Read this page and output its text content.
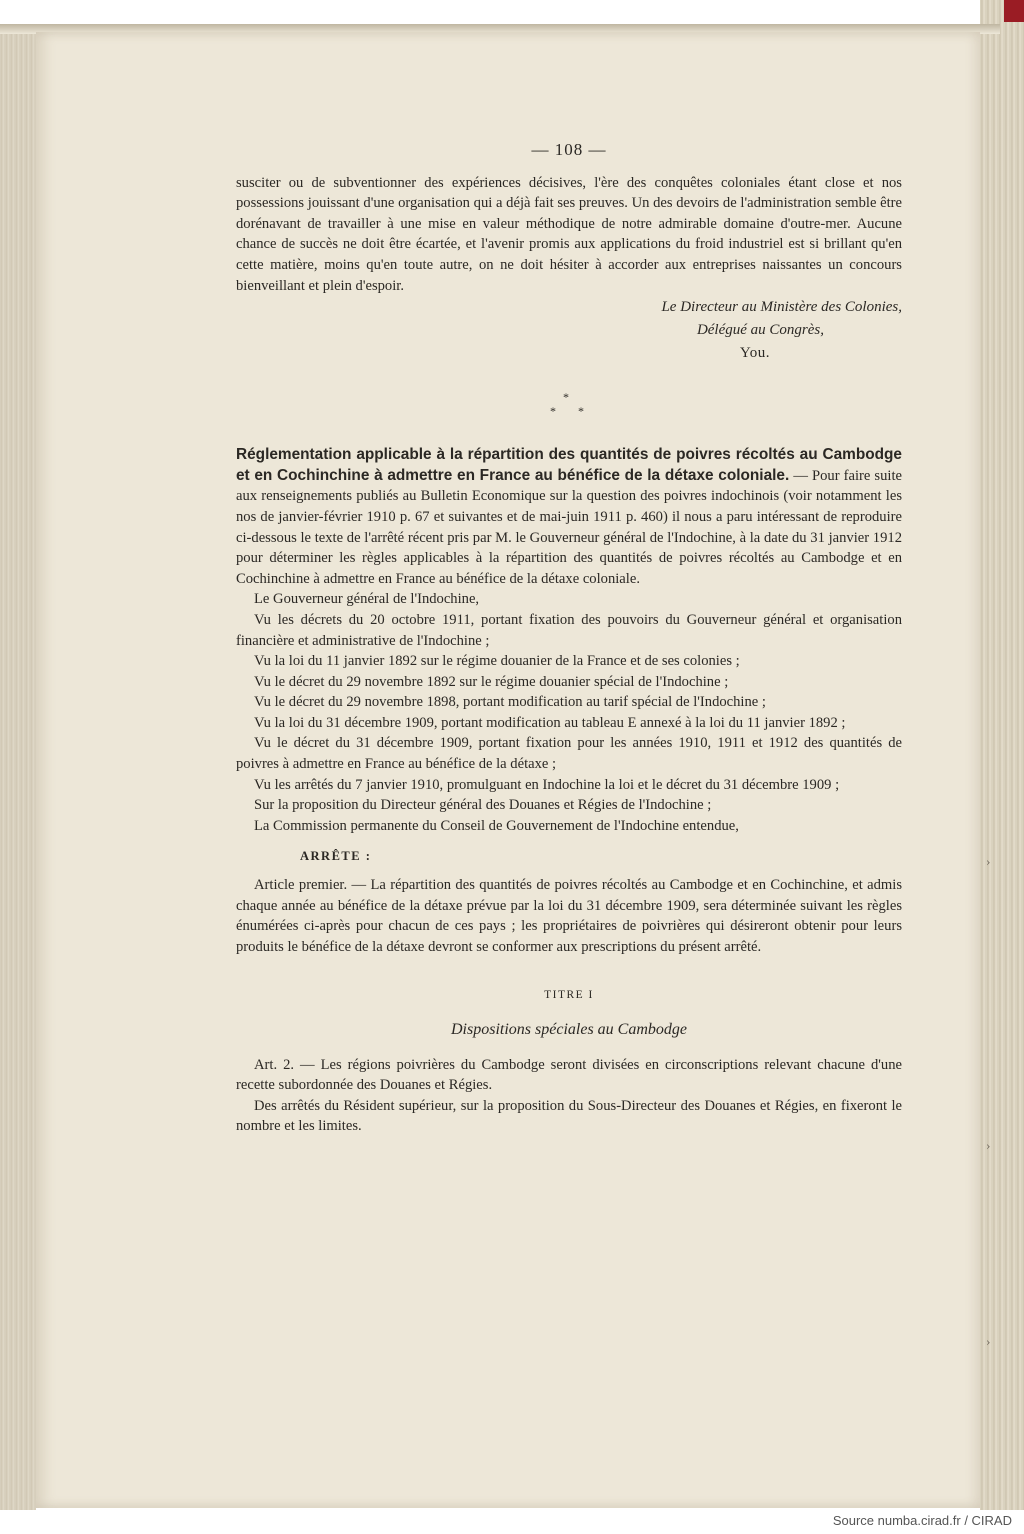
›
›
›
— 108 —

susciter ou de subventionner des expériences décisives, l'ère des conquêtes coloniales étant close et nos possessions jouissant d'une organisation qui a déjà fait ses preuves. Un des devoirs de l'administration semble être dorénavant de travailler à une mise en valeur méthodique de notre admirable domaine d'outre-mer. Aucune chance de succès ne doit être écartée, et l'avenir promis aux applications du froid industriel est si brillant qu'en cette matière, moins qu'en toute autre, on ne doit hésiter à accorder aux entreprises naissantes un concours bienveillant et plein d'espoir.

Le Directeur au Ministère des Colonies,
Délégué au Congrès,
You.
*
* *

Réglementation applicable à la répartition des quantités de poivres récoltés au Cambodge et en Cochinchine à admettre en France au bénéfice de la détaxe coloniale. — Pour faire suite aux renseignements publiés au Bulletin Economique sur la question des poivres indochinois (voir notamment les nos de janvier-février 1910 p. 67 et suivantes et de mai-juin 1911 p. 460) il nous a paru intéressant de reproduire ci-dessous le texte de l'arrêté récent pris par M. le Gouverneur général de l'Indochine, à la date du 31 janvier 1912 pour déterminer les règles applicables à la répartition des quantités de poivres récoltés au Cambodge et en Cochinchine à admettre en France au bénéfice de la détaxe coloniale.

Le Gouverneur général de l'Indochine,

Vu les décrets du 20 octobre 1911, portant fixation des pouvoirs du Gouverneur général et organisation financière et administrative de l'Indochine ;

Vu la loi du 11 janvier 1892 sur le régime douanier de la France et de ses colonies ;

Vu le décret du 29 novembre 1892 sur le régime douanier spécial de l'Indochine ;

Vu le décret du 29 novembre 1898, portant modification au tarif spécial de l'Indochine ;

Vu la loi du 31 décembre 1909, portant modification au tableau E annexé à la loi du 11 janvier 1892 ;

Vu le décret du 31 décembre 1909, portant fixation pour les années 1910, 1911 et 1912 des quantités de poivres à admettre en France au bénéfice de la détaxe ;

Vu les arrêtés du 7 janvier 1910, promulguant en Indochine la loi et le décret du 31 décembre 1909 ;

Sur la proposition du Directeur général des Douanes et Régies de l'Indochine ;

La Commission permanente du Conseil de Gouvernement de l'Indochine entendue,

ARRÊTE :

Article premier. — La répartition des quantités de poivres récoltés au Cambodge et en Cochinchine, et admis chaque année au bénéfice de la détaxe prévue par la loi du 31 décembre 1909, sera déterminée suivant les règles énumérées ci-après pour chacun de ces pays ; les propriétaires de poivrières qui désireront obtenir pour leurs produits le bénéfice de la détaxe devront se conformer aux prescriptions du présent arrêté.

TITRE I
Dispositions spéciales au Cambodge

Art. 2. — Les régions poivrières du Cambodge seront divisées en circonscriptions relevant chacune d'une recette subordonnée des Douanes et Régies.

Des arrêtés du Résident supérieur, sur la proposition du Sous-Directeur des Douanes et Régies, en fixeront le nombre et les limites.

Source numba.cirad.fr / CIRAD
